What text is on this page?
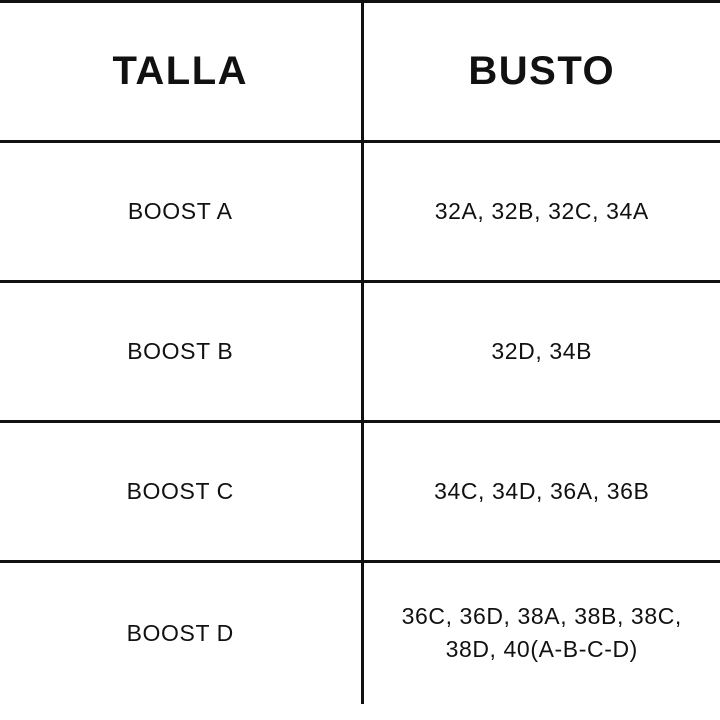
TALLA	BUSTO

BOOST A	32A, 32B, 32C, 34A

BOOST B	32D, 34B

BOOST C	34C, 34D, 36A, 36B

BOOST D	36C, 36D, 38A, 38B, 38C, 38D, 40(A-B-C-D)
